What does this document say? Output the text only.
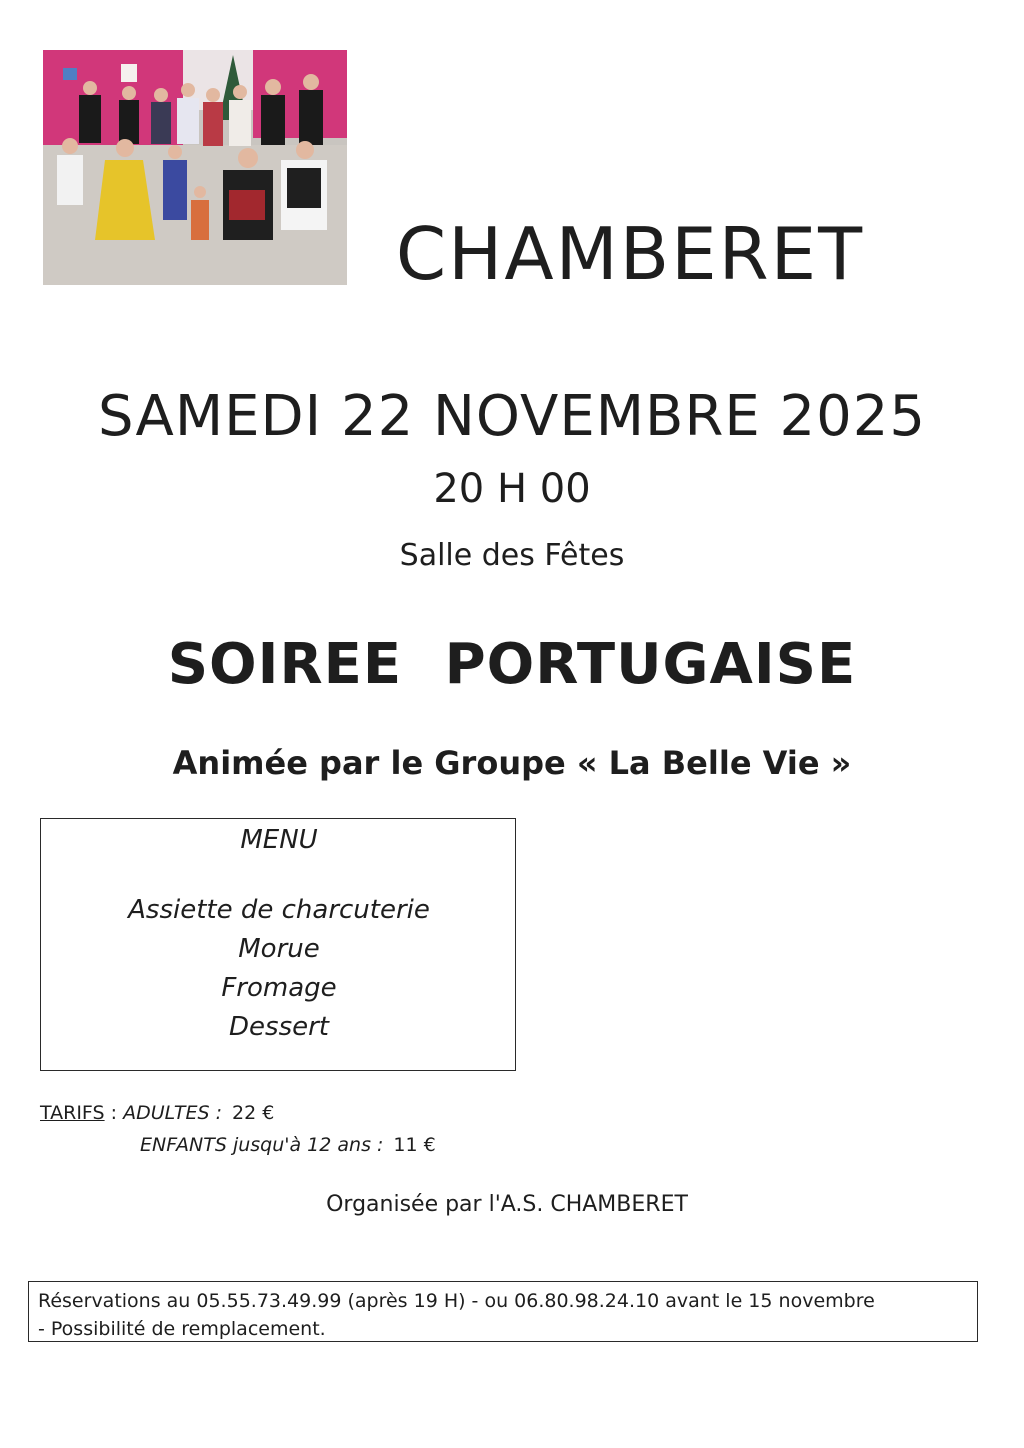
CHAMBERET
SAMEDI 22 NOVEMBRE 2025
20 H 00
Salle des Fêtes
SOIREE PORTUGAISE
Animée par le Groupe « La Belle Vie »
MENU
Assiette de charcuterie
Morue
Fromage
Dessert
TARIFS : ADULTES : 22 €
ENFANTS jusqu'à 12 ans : 11 €
Organisée par l'A.S. CHAMBERET
Réservations au 05.55.73.49.99 (après 19 H) - ou 06.80.98.24.10 avant le 15 novembre
- Possibilité de remplacement.
